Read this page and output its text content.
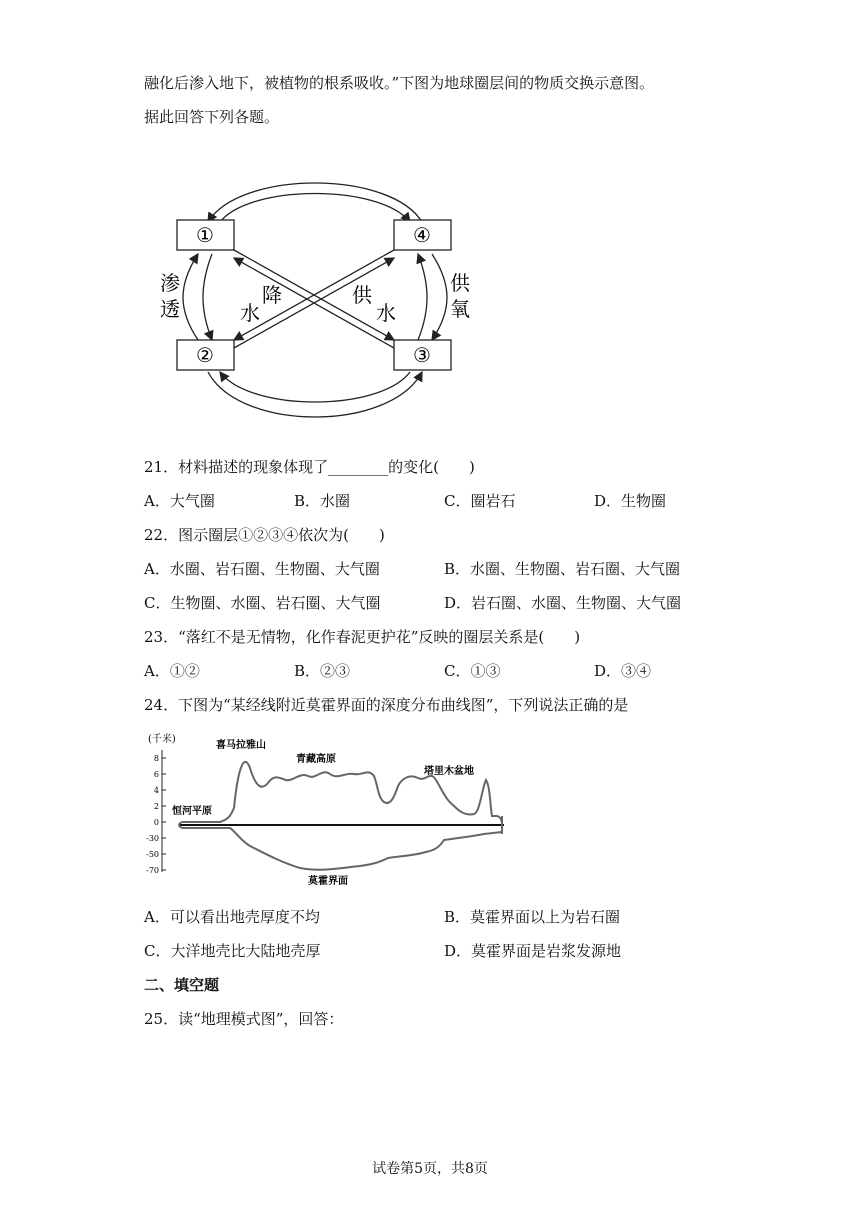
融化后渗入地下，被植物的根系吸收。”下图为地球圈层间的物质交换示意图。
据此回答下列各题。
①	④
②	③
渗
透
供
氧
降
水
供
水
21．材料描述的现象体现了________的变化(　　)
A．大气圈	B．水圈	C．圈岩石	D．生物圈
22．图示圈层①②③④依次为(　　)
A．水圈、岩石圈、生物圈、大气圈	B．水圈、生物圈、岩石圈、大气圈
C．生物圈、水圈、岩石圈、大气圈	D．岩石圈、水圈、生物圈、大气圈
23．“落红不是无情物，化作春泥更护花”反映的圈层关系是(　　)
A．①②	B．②③	C．①③	D．③④
24．下图为“某经线附近莫霍界面的深度分布曲线图”，下列说法正确的是
(千米)
8
6
4
2
0
-30
-50
-70
喜马拉雅山
青藏高原
塔里木盆地
恒河平原
莫霍界面
A．可以看出地壳厚度不均	B．莫霍界面以上为岩石圈
C．大洋地壳比大陆地壳厚	D．莫霍界面是岩浆发源地
二、填空题
25．读“地理模式图”，回答：
试卷第5页，共8页
